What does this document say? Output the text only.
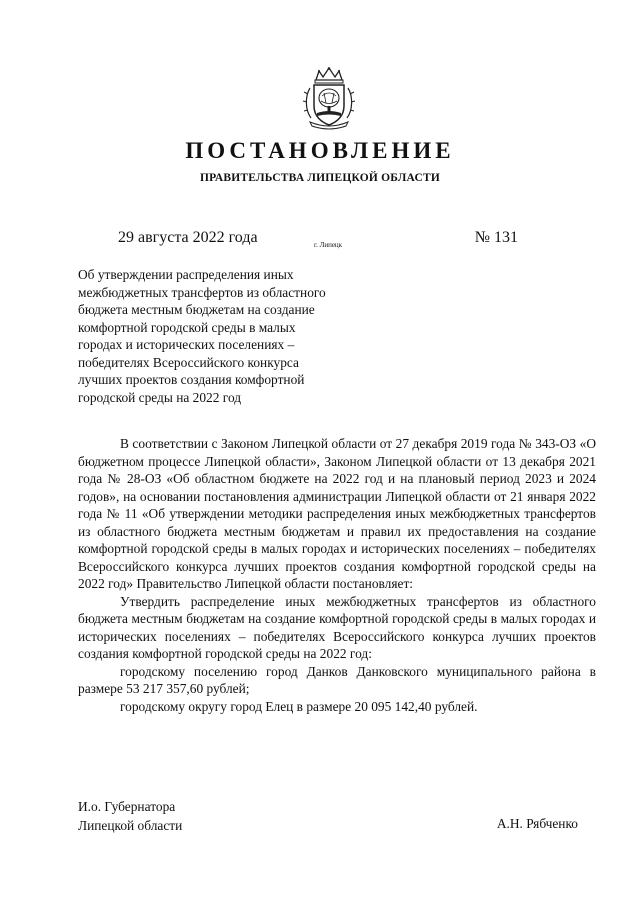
ПОСТАНОВЛЕНИЕ
ПРАВИТЕЛЬСТВА ЛИПЕЦКОЙ ОБЛАСТИ
29 августа 2022 года	г. Липецк	№ 131
Об утверждении распределения иных
межбюджетных трансфертов из областного
бюджета местным бюджетам на создание
комфортной городской среды в малых
городах и исторических поселениях –
победителях Всероссийского конкурса
лучших проектов создания комфортной
городской среды на 2022 год

В соответствии с Законом Липецкой области от 27 декабря 2019 года № 343-ОЗ «О бюджетном процессе Липецкой области», Законом Липецкой области от 13 декабря 2021 года № 28-ОЗ «Об областном бюджете на 2022 год и на плановый период 2023 и 2024 годов», на основании постановления администрации Липецкой области от 21 января 2022 года № 11 «Об утверждении методики распределения иных межбюджетных трансфертов из областного бюджета местным бюджетам и правил их предоставления на создание комфортной городской среды в малых городах и исторических поселениях – победителях Всероссийского конкурса лучших проектов создания комфортной городской среды на 2022 год» Правительство Липецкой области постановляет:

Утвердить распределение иных межбюджетных трансфертов из областного бюджета местным бюджетам на создание комфортной городской среды в малых городах и исторических поселениях – победителях Всероссийского конкурса лучших проектов создания комфортной городской среды на 2022 год:

городскому поселению город Данков Данковского муниципального района в размере 53 217 357,60 рублей;

городскому округу город Елец в размере 20 095 142,40 рублей.

И.о. Губернатора
Липецкой области	А.Н. Рябченко
